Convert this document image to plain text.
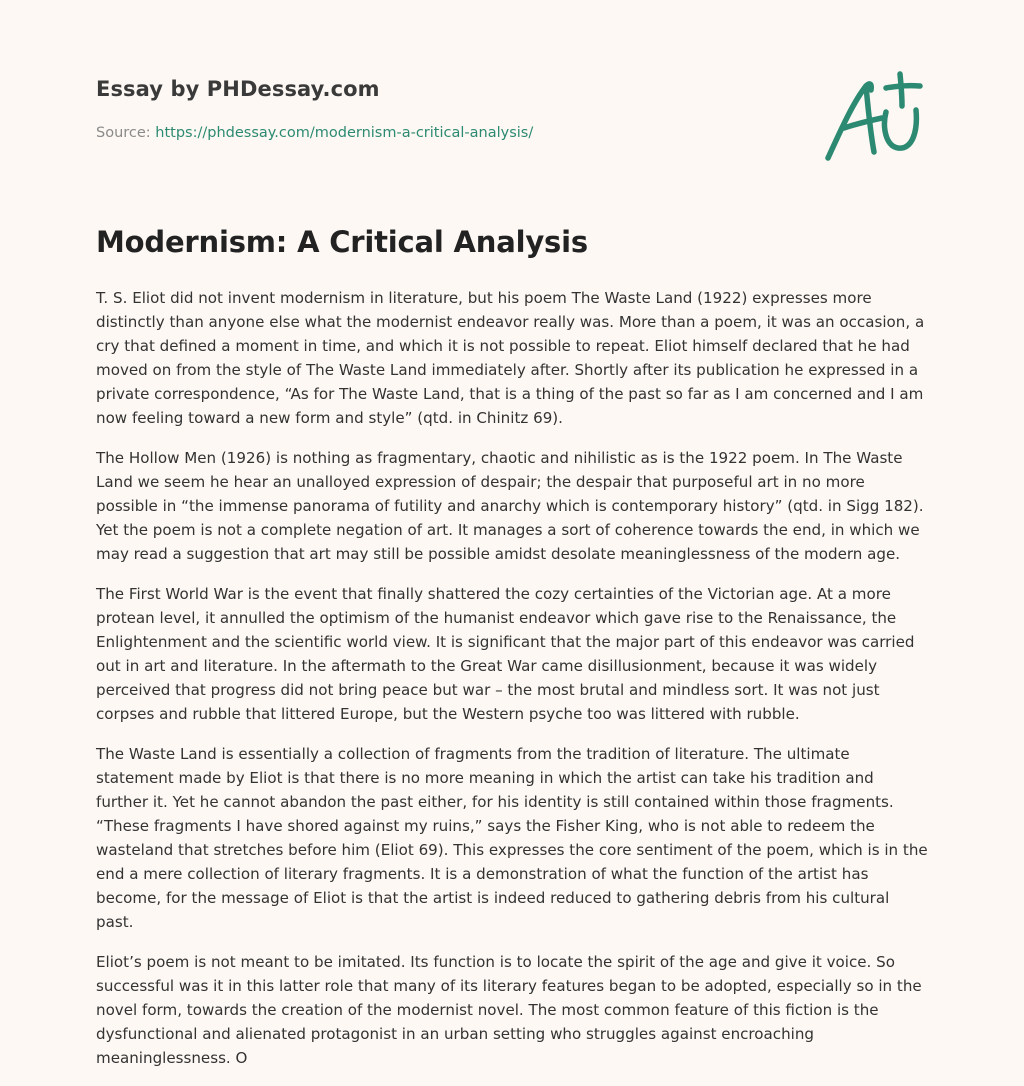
Essay by PHDessay.com
Source: https://phdessay.com/modernism-a-critical-analysis/
Modernism: A Critical Analysis

T. S. Eliot did not invent modernism in literature, but his poem The Waste Land (1922) expresses more distinctly than anyone else what the modernist endeavor really was. More than a poem, it was an occasion, a cry that defined a moment in time, and which it is not possible to repeat. Eliot himself declared that he had moved on from the style of The Waste Land immediately after. Shortly after its publication he expressed in a private correspondence, “As for The Waste Land, that is a thing of the past so far as I am concerned and I am now feeling toward a new form and style” (qtd. in Chinitz 69).

The Hollow Men (1926) is nothing as fragmentary, chaotic and nihilistic as is the 1922 poem. In The Waste Land we seem he hear an unalloyed expression of despair; the despair that purposeful art in no more possible in “the immense panorama of futility and anarchy which is contemporary history” (qtd. in Sigg 182). Yet the poem is not a complete negation of art. It manages a sort of coherence towards the end, in which we may read a suggestion that art may still be possible amidst desolate meaninglessness of the modern age.

The First World War is the event that finally shattered the cozy certainties of the Victorian age. At a more protean level, it annulled the optimism of the humanist endeavor which gave rise to the Renaissance, the Enlightenment and the scientific world view. It is significant that the major part of this endeavor was carried out in art and literature. In the aftermath to the Great War came disillusionment, because it was widely perceived that progress did not bring peace but war – the most brutal and mindless sort. It was not just corpses and rubble that littered Europe, but the Western psyche too was littered with rubble.

The Waste Land is essentially a collection of fragments from the tradition of literature. The ultimate statement made by Eliot is that there is no more meaning in which the artist can take his tradition and further it. Yet he cannot abandon the past either, for his identity is still contained within those fragments. “These fragments I have shored against my ruins,” says the Fisher King, who is not able to redeem the wasteland that stretches before him (Eliot 69). This expresses the core sentiment of the poem, which is in the end a mere collection of literary fragments. It is a demonstration of what the function of the artist has become, for the message of Eliot is that the artist is indeed reduced to gathering debris from his cultural past.

Eliot’s poem is not meant to be imitated. Its function is to locate the spirit of the age and give it voice. So successful was it in this latter role that many of its literary features began to be adopted, especially so in the novel form, towards the creation of the modernist novel. The most common feature of this fiction is the dysfunctional and alienated protagonist in an urban setting who struggles against encroaching meaninglessness. O
